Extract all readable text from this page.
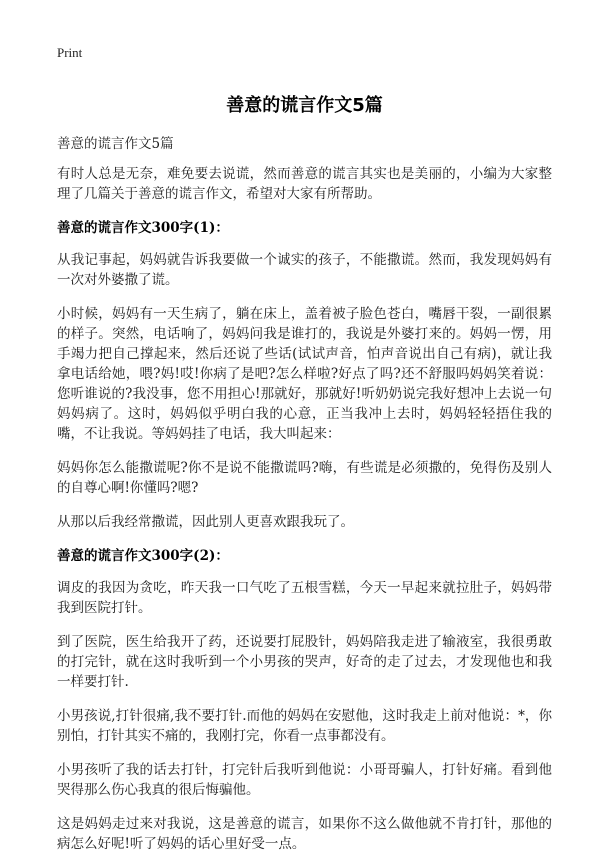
Print

善意的谎言作文5篇

善意的谎言作文5篇

有时人总是无奈，难免要去说谎，然而善意的谎言其实也是美丽的，小编为大家整理了几篇关于善意的谎言作文，希望对大家有所帮助。

善意的谎言作文300字(1)：

从我记事起，妈妈就告诉我要做一个诚实的孩子，不能撒谎。然而，我发现妈妈有一次对外婆撒了谎。

小时候，妈妈有一天生病了，躺在床上，盖着被子脸色苍白，嘴唇干裂，一副很累的样子。突然，电话响了，妈妈问我是谁打的，我说是外婆打来的。妈妈一愣，用手竭力把自己撑起来，然后还说了些话(试试声音，怕声音说出自己有病)，就让我拿电话给她，喂?妈!哎!你病了是吧?怎么样啦?好点了吗?还不舒服吗妈妈笑着说：您听谁说的?我没事，您不用担心!那就好，那就好!听奶奶说完我好想冲上去说一句妈妈病了。这时，妈妈似乎明白我的心意，正当我冲上去时，妈妈轻轻捂住我的嘴，不让我说。等妈妈挂了电话，我大叫起来：

妈妈你怎么能撒谎呢?你不是说不能撒谎吗?嗨，有些谎是必须撒的，免得伤及别人的自尊心啊!你懂吗?嗯?

从那以后我经常撒谎，因此别人更喜欢跟我玩了。

善意的谎言作文300字(2)：

调皮的我因为贪吃，昨天我一口气吃了五根雪糕，今天一早起来就拉肚子，妈妈带我到医院打针。

到了医院，医生给我开了药，还说要打屁股针，妈妈陪我走进了输液室，我很勇敢的打完针，就在这时我听到一个小男孩的哭声，好奇的走了过去，才发现他也和我一样要打针.

小男孩说,打针很痛,我不要打针.而他的妈妈在安慰他，这时我走上前对他说：*，你别怕，打针其实不痛的，我刚打完，你看一点事都没有。

小男孩听了我的话去打针，打完针后我听到他说：小哥哥骗人，打针好痛。看到他哭得那么伤心我真的很后悔骗他。

这是妈妈走过来对我说，这是善意的谎言，如果你不这么做他就不肯打针，那他的病怎么好呢!听了妈妈的话心里好受一点。
